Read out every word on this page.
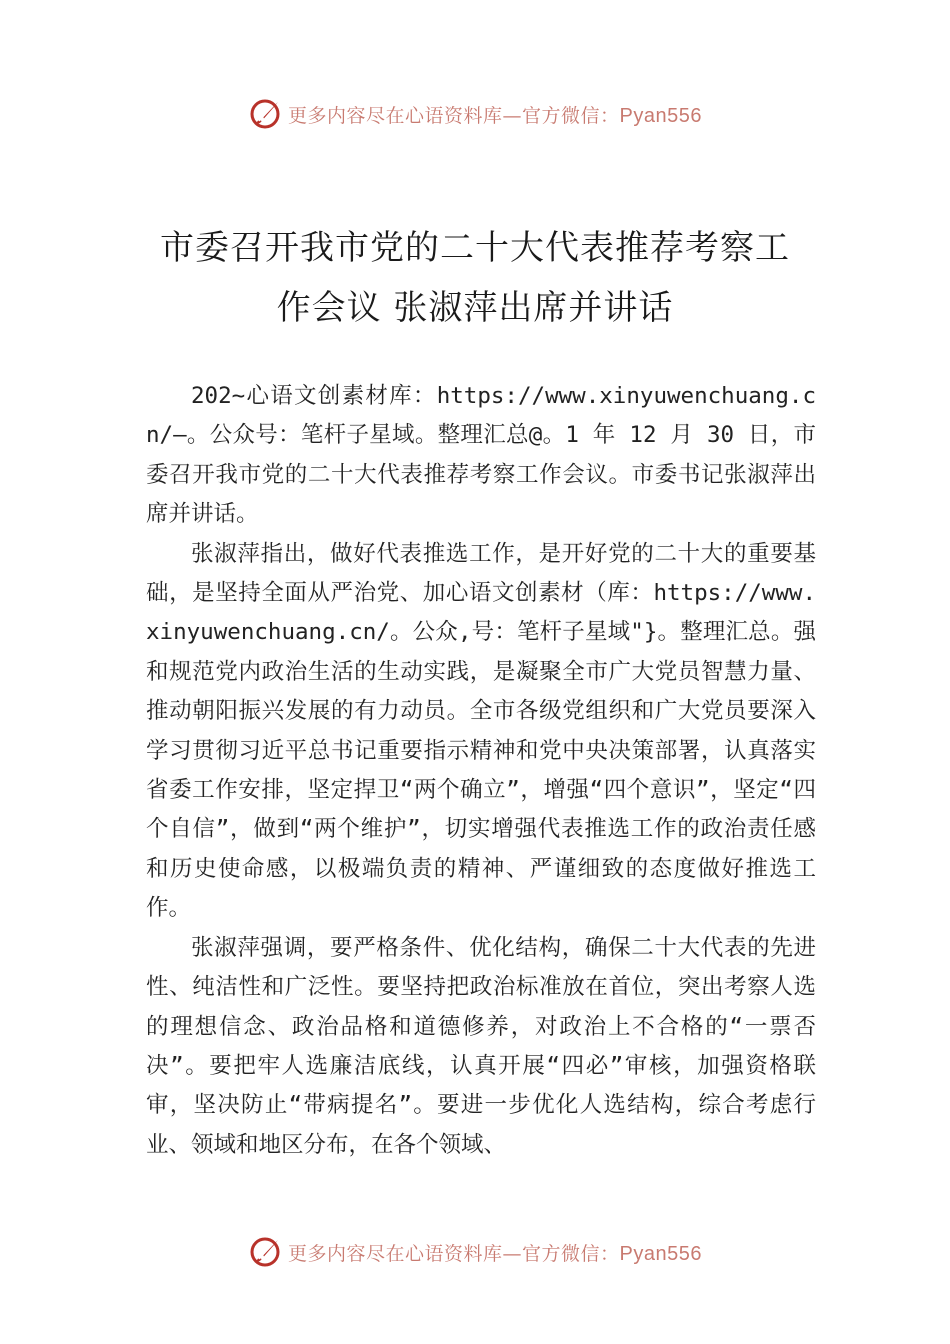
更多内容尽在心语资料库—官方微信：Pyan556
市委召开我市党的二十大代表推荐考察工
作会议 张淑萍出席并讲话

202~心语文创素材库：https://www.xinyuwenchuang.cn/—。公众号：笔杆子星域。整理汇总@。1 年 12 月 30 日，市委召开我市党的二十大代表推荐考察工作会议。市委书记张淑萍出席并讲话。

张淑萍指出，做好代表推选工作，是开好党的二十大的重要基础，是坚持全面从严治党、加心语文创素材（库：https://www.xinyuwenchuang.cn/。公众,号：笔杆子星域"}。整理汇总。强和规范党内政治生活的生动实践，是凝聚全市广大党员智慧力量、推动朝阳振兴发展的有力动员。全市各级党组织和广大党员要深入学习贯彻习近平总书记重要指示精神和党中央决策部署，认真落实省委工作安排，坚定捍卫“两个确立”，增强“四个意识”，坚定“四个自信”，做到“两个维护”，切实增强代表推选工作的政治责任感和历史使命感，以极端负责的精神、严谨细致的态度做好推选工作。

张淑萍强调，要严格条件、优化结构，确保二十大代表的先进性、纯洁性和广泛性。要坚持把政治标准放在首位，突出考察人选的理想信念、政治品格和道德修养，对政治上不合格的“一票否决”。要把牢人选廉洁底线，认真开展“四必”审核，加强资格联审，坚决防止“带病提名”。要进一步优化人选结构，综合考虑行业、领域和地区分布，在各个领域、

更多内容尽在心语资料库—官方微信：Pyan556
